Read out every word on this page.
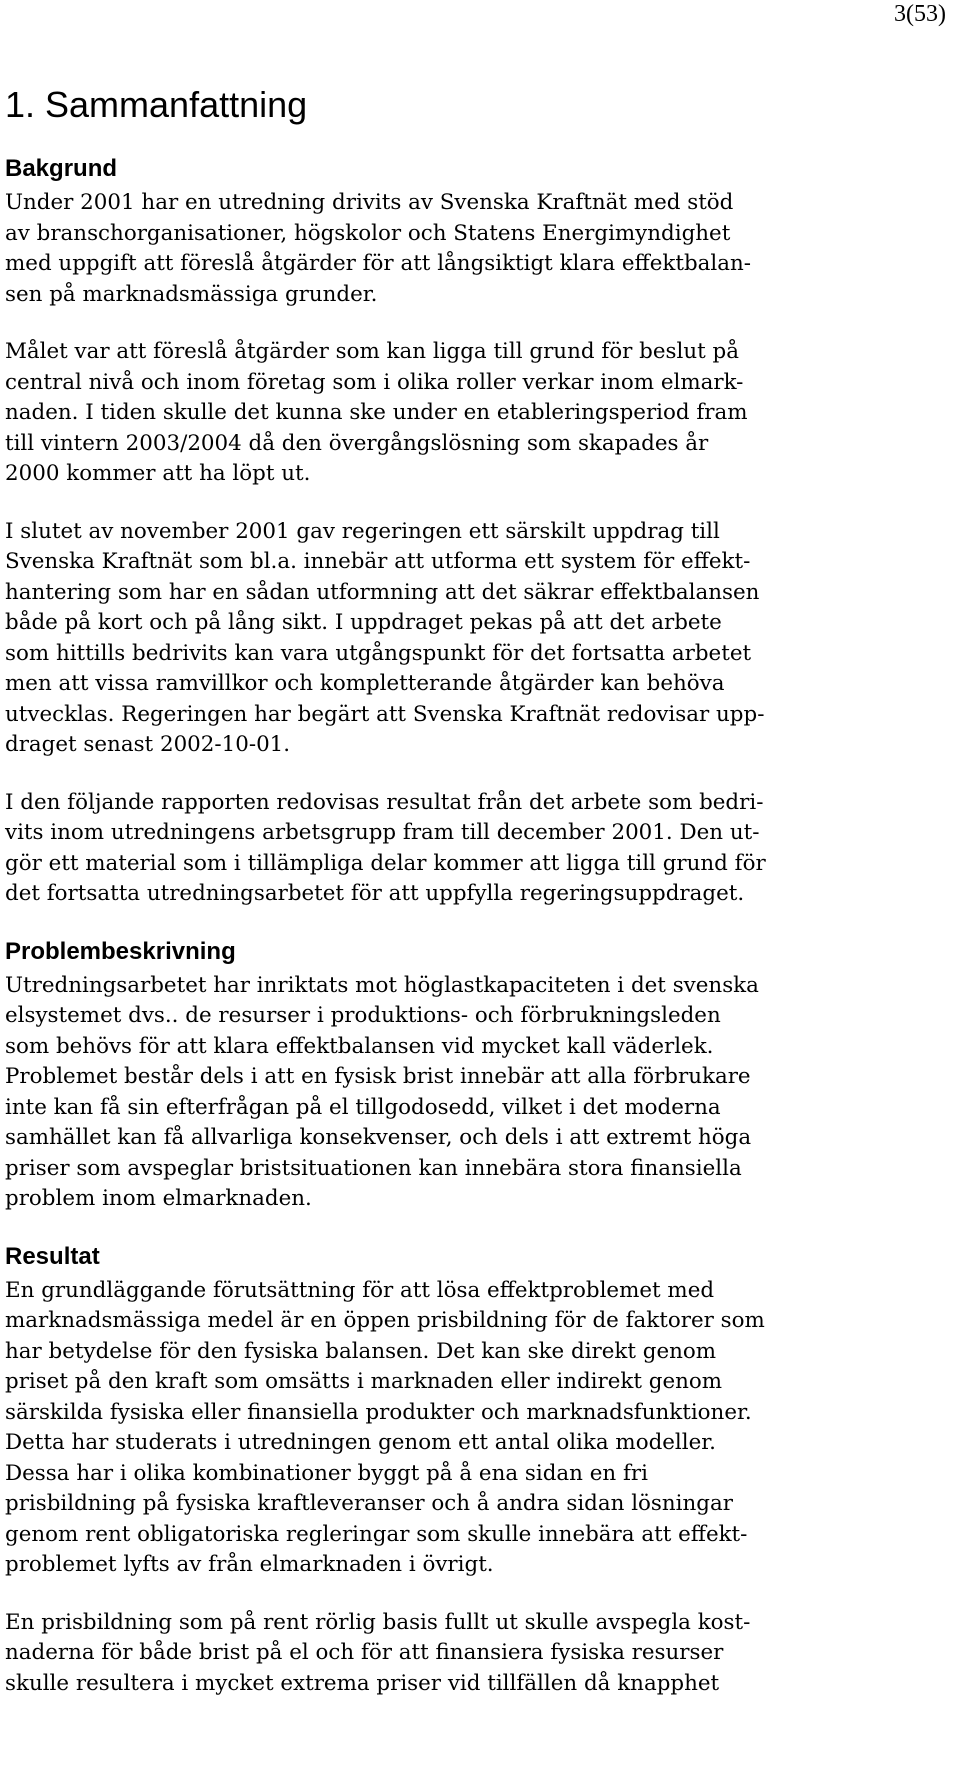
3(53)
1. Sammanfattning
Bakgrund

Under 2001 har en utredning drivits av Svenska Kraftnät med stöd
av branschorganisationer, högskolor och Statens Energimyndighet
med uppgift att föreslå åtgärder för att långsiktigt klara effektbalan-
sen på marknadsmässiga grunder.

Målet var att föreslå åtgärder som kan ligga till grund för beslut på
central nivå och inom företag som i olika roller verkar inom elmark-
naden. I tiden skulle det kunna ske under en etableringsperiod fram
till vintern 2003/2004 då den övergångslösning som skapades år
2000 kommer att ha löpt ut.

I slutet av november 2001 gav regeringen ett särskilt uppdrag till
Svenska Kraftnät som bl.a. innebär att utforma ett system för effekt-
hantering som har en sådan utformning att det säkrar effektbalansen
både på kort och på lång sikt. I uppdraget pekas på att det arbete
som hittills bedrivits kan vara utgångspunkt för det fortsatta arbetet
men att vissa ramvillkor och kompletterande åtgärder kan behöva
utvecklas. Regeringen har begärt att Svenska Kraftnät redovisar upp-
draget senast 2002-10-01.

I den följande rapporten redovisas resultat från det arbete som bedri-
vits inom utredningens arbetsgrupp fram till december 2001. Den ut-
gör ett material som i tillämpliga delar kommer att ligga till grund för
det fortsatta utredningsarbetet för att uppfylla regeringsuppdraget.

Problembeskrivning

Utredningsarbetet har inriktats mot höglastkapaciteten i det svenska
elsystemet dvs.. de resurser i produktions- och förbrukningsleden
som behövs för att klara effektbalansen vid mycket kall väderlek.
Problemet består dels i att en fysisk brist innebär att alla förbrukare
inte kan få sin efterfrågan på el tillgodosedd, vilket i det moderna
samhället kan få allvarliga konsekvenser, och dels i att extremt höga
priser som avspeglar bristsituationen kan innebära stora finansiella
problem inom elmarknaden.

Resultat

En grundläggande förutsättning för att lösa effektproblemet med
marknadsmässiga medel är en öppen prisbildning för de faktorer som
har betydelse för den fysiska balansen. Det kan ske direkt genom
priset på den kraft som omsätts i marknaden eller indirekt genom
särskilda fysiska eller finansiella produkter och marknadsfunktioner.
Detta har studerats i utredningen genom ett antal olika modeller.
Dessa har i olika kombinationer byggt på å ena sidan en fri
prisbildning på fysiska kraftleveranser och å andra sidan lösningar
genom rent obligatoriska regleringar som skulle innebära att effekt-
problemet lyfts av från elmarknaden i övrigt.

En prisbildning som på rent rörlig basis fullt ut skulle avspegla kost-
naderna för både brist på el och för att finansiera fysiska resurser
skulle resultera i mycket extrema priser vid tillfällen då knapphet
